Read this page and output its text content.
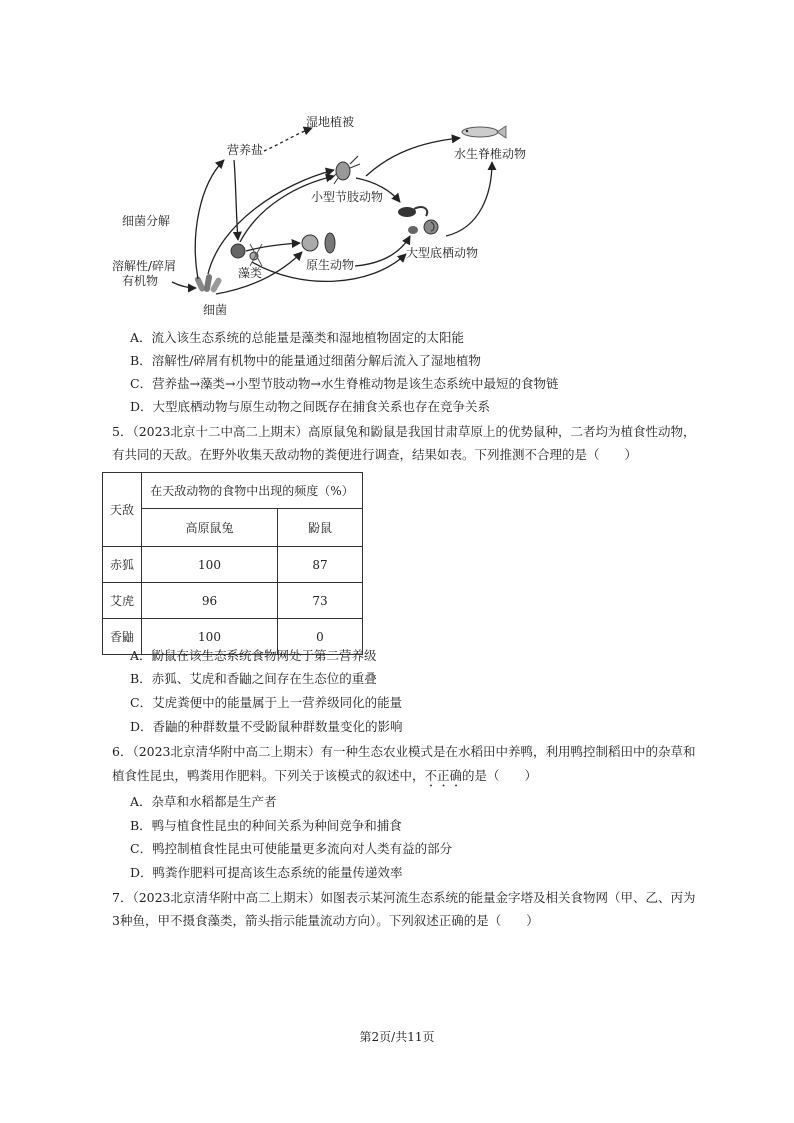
湿地植被
营养盐	水生脊椎动物
小型节肢动物
细菌分解
溶解性/碎屑
有机物
藻类
原生动物
大型底栖动物
细菌
A．流入该生态系统的总能量是藻类和湿地植物固定的太阳能
B．溶解性/碎屑有机物中的能量通过细菌分解后流入了湿地植物
C．营养盐→藻类→小型节肢动物→水生脊椎动物是该生态系统中最短的食物链
D．大型底栖动物与原生动物之间既存在捕食关系也存在竞争关系
5．（2023北京十二中高二上期末）高原鼠兔和鼢鼠是我国甘肃草原上的优势鼠种，二者均为植食性动物，
有共同的天敌。在野外收集天敌动物的粪便进行调查，结果如表。下列推测不合理的是（　　）
天敌	在天敌动物的食物中出现的频度（%）	
	高原鼠兔	鼢鼠
赤狐	100	87
艾虎	96	73
香鼬	100	0
A．鼢鼠在该生态系统食物网处于第二营养级
B．赤狐、艾虎和香鼬之间存在生态位的重叠
C．艾虎粪便中的能量属于上一营养级同化的能量
D．香鼬的种群数量不受鼢鼠种群数量变化的影响
6．（2023北京清华附中高二上期末）有一种生态农业模式是在水稻田中养鸭，利用鸭控制稻田中的杂草和
植食性昆虫，鸭粪用作肥料。下列关于该模式的叙述中，不正确的是（　　）
A．杂草和水稻都是生产者
B．鸭与植食性昆虫的种间关系为种间竞争和捕食
C．鸭控制植食性昆虫可使能量更多流向对人类有益的部分
D．鸭粪作肥料可提高该生态系统的能量传递效率
7．（2023北京清华附中高二上期末）如图表示某河流生态系统的能量金字塔及相关食物网（甲、乙、丙为
3种鱼，甲不摄食藻类，箭头指示能量流动方向）。下列叙述正确的是（　　）
第2页/共11页
